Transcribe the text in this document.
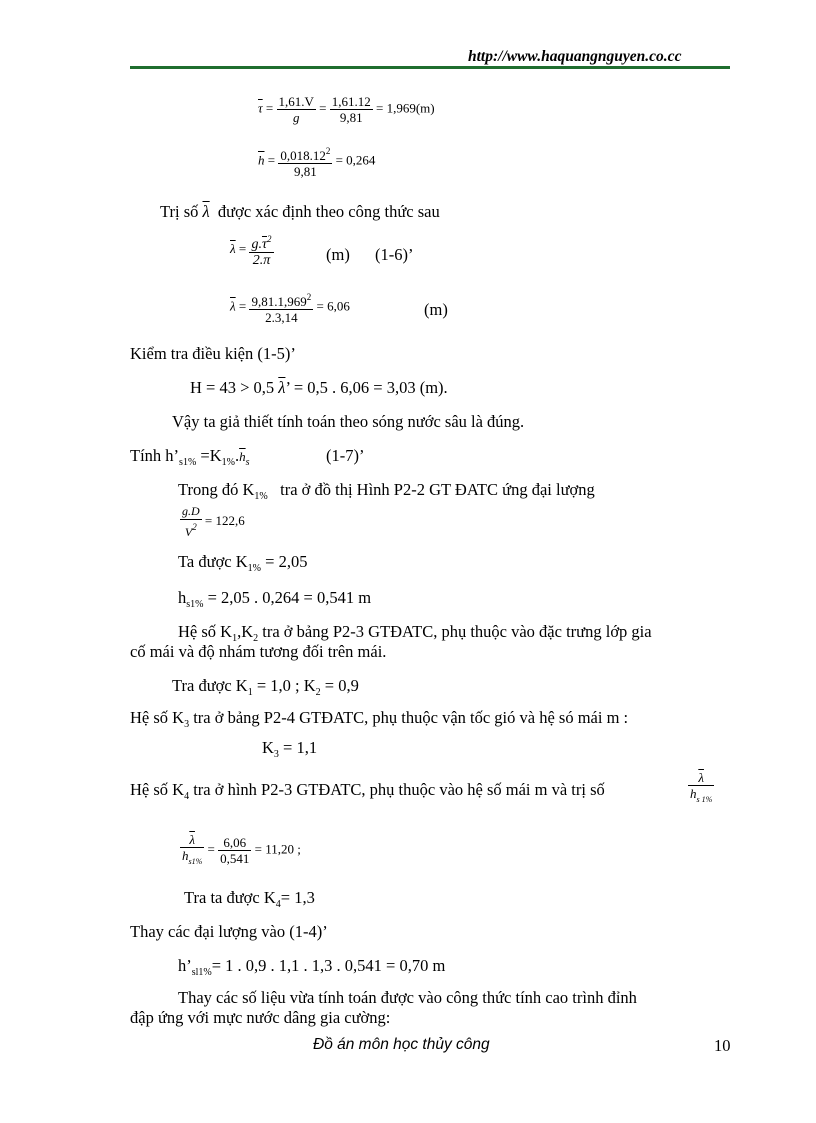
http://www.haquangnguyen.co.cc
$\overline{\tau} = \frac{1,61.V}{g} = \frac{1,61.12}{9,81} = 1,969(m)$
$\overline{h} = \frac{0,018.12^2}{9,81} = 0,264$
Trị số $\overline{\lambda}$ được xác định theo công thức sau
$\overline{\lambda} = \frac{g.\overline{\tau}^2}{2.\pi}$	(m) (1-6)’
$\overline{\lambda} = \frac{9,81.1,969^2}{2.3,14} = 6,06$	(m)
Kiểm tra điều kiện (1-5)’
H = 43 > 0,5 $\overline{\lambda}$’ = 0,5 . 6,06 = 3,03 (m).
Vậy ta giả thiết tính toán theo sóng nước sâu là đúng.
Tính $h’_{s1\%} =K_{1\%}.\overline{h}_s$	(1-7)’
Trong đó $K_{1\%}$ tra ở đồ thị Hình P2-2 GT ĐATC ứng đại lượng
$\frac{g.D}{V^2} = 122,6$
Ta được $K_{1\%} = 2,05$
$h_{s1\%} = 2,05$ . 0,264 = 0,541 m
Hệ số $K_1,K_2$ tra ở bảng P2-3 GTĐATC, phụ thuộc vào đặc trưng lớp gia
cố mái và độ nhám tương đối trên mái.
Tra được $K_1 = 1,0$ ; $K_2 = 0,9$
Hệ số $K_3$ tra ở bảng P2-4 GTĐATC, phụ thuộc vận tốc gió và hệ só mái m :
$K_3 = 1,1$
Hệ số $K_4$ tra ở hình P2-3 GTĐATC, phụ thuộc vào hệ số mái m và trị số	$\frac{\overline{\lambda}}{h_{s 1\%}}$
$\frac{\overline{\lambda}}{h_{s1\%}} = \frac{6,06}{0,541} = 11,20$ ;
Tra ta được $K_4= 1,3$
Thay các đại lượng vào (1-4)’
$h’_{sl1\%}= 1$ . 0,9 . 1,1 . 1,3 . 0,541 = 0,70 m
Thay các số liệu vừa tính toán được vào công thức tính cao trình đỉnh
đập ứng với mực nước dâng gia cường:
Đồ án môn học thủy công	10
